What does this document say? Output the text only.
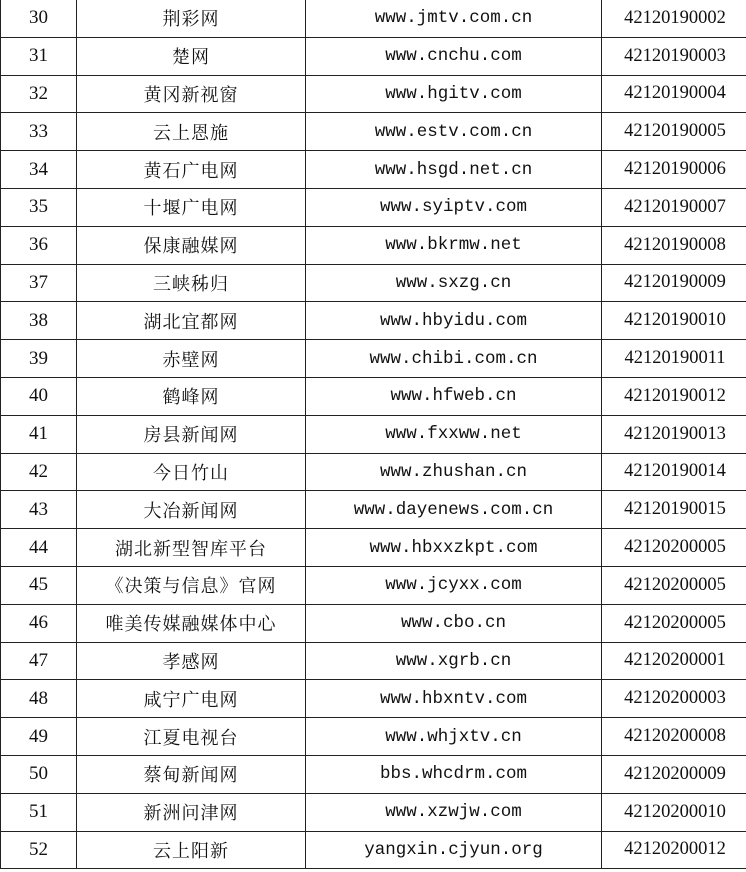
30	荆彩网	www.jmtv.com.cn	42120190002
31	楚网	www.cnchu.com	42120190003
32	黄冈新视窗	www.hgitv.com	42120190004
33	云上恩施	www.estv.com.cn	42120190005
34	黄石广电网	www.hsgd.net.cn	42120190006
35	十堰广电网	www.syiptv.com	42120190007
36	保康融媒网	www.bkrmw.net	42120190008
37	三峡秭归	www.sxzg.cn	42120190009
38	湖北宜都网	www.hbyidu.com	42120190010
39	赤壁网	www.chibi.com.cn	42120190011
40	鹤峰网	www.hfweb.cn	42120190012
41	房县新闻网	www.fxxww.net	42120190013
42	今日竹山	www.zhushan.cn	42120190014
43	大冶新闻网	www.dayenews.com.cn	42120190015
44	湖北新型智库平台	www.hbxxzkpt.com	42120200005
45	《决策与信息》官网	www.jcyxx.com	42120200005
46	唯美传媒融媒体中心	www.cbo.cn	42120200005
47	孝感网	www.xgrb.cn	42120200001
48	咸宁广电网	www.hbxntv.com	42120200003
49	江夏电视台	www.whjxtv.cn	42120200008
50	蔡甸新闻网	bbs.whcdrm.com	42120200009
51	新洲问津网	www.xzwjw.com	42120200010
52	云上阳新	yangxin.cjyun.org	42120200012
